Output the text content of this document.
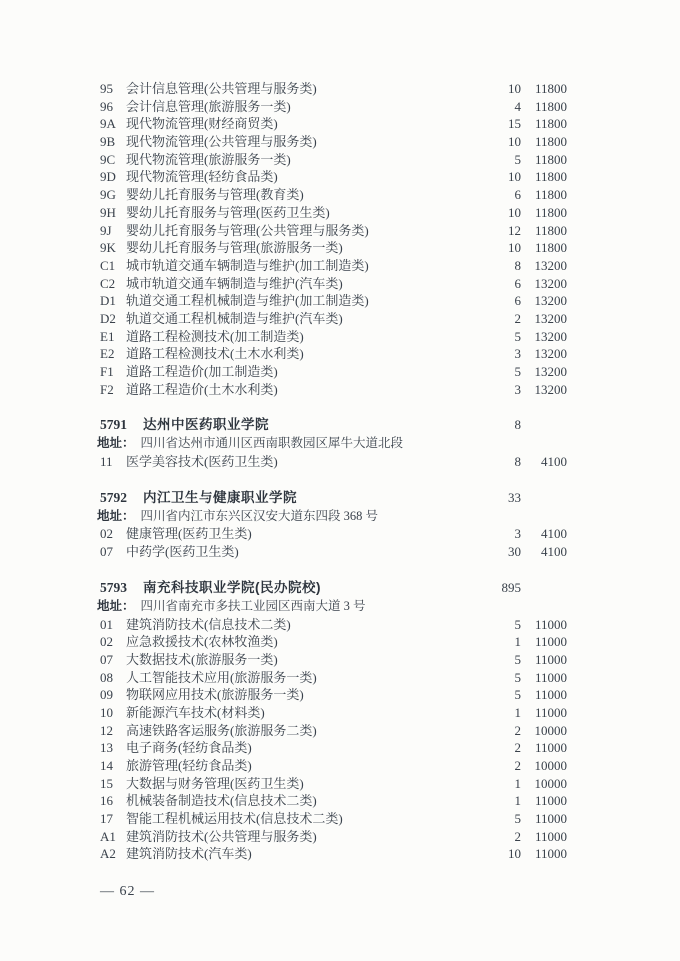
95	会计信息管理(公共管理与服务类)	10	11800
96	会计信息管理(旅游服务一类)	4	11800
9A 现代物流管理(财经商贸类)	15	11800
9B 现代物流管理(公共管理与服务类)	10	11800
9C 现代物流管理(旅游服务一类)	5	11800
9D 现代物流管理(轻纺食品类)	10	11800
9G 婴幼儿托育服务与管理(教育类)	6	11800
9H 婴幼儿托育服务与管理(医药卫生类)	10	11800
9J	婴幼儿托育服务与管理(公共管理与服务类)	12	11800
9K 婴幼儿托育服务与管理(旅游服务一类)	10	11800
C1 城市轨道交通车辆制造与维护(加工制造类)	8	13200
C2 城市轨道交通车辆制造与维护(汽车类)	6	13200
D1 轨道交通工程机械制造与维护(加工制造类)	6	13200
D2 轨道交通工程机械制造与维护(汽车类)	2	13200
E1 道路工程检测技术(加工制造类)	5	13200
E2 道路工程检测技术(土木水利类)	3	13200
F1 道路工程造价(加工制造类)	5	13200
F2 道路工程造价(土木水利类)	3	13200
5791	达州中医药职业学院	8
地址： 四川省达州市通川区西南职教园区犀牛大道北段
11	医学美容技术(医药卫生类)	8	4100
5792	内江卫生与健康职业学院	33
地址： 四川省内江市东兴区汉安大道东四段 368 号
02	健康管理(医药卫生类)	3	4100
07	中药学(医药卫生类)	30	4100
5793	南充科技职业学院(民办院校)	895
地址： 四川省南充市多扶工业园区西南大道 3 号
01	建筑消防技术(信息技术二类)	5	11000
02	应急救援技术(农林牧渔类)	1	11000
07	大数据技术(旅游服务一类)	5	11000
08	人工智能技术应用(旅游服务一类)	5	11000
09	物联网应用技术(旅游服务一类)	5	11000
10	新能源汽车技术(材料类)	1	11000
12	高速铁路客运服务(旅游服务二类)	2	10000
13	电子商务(轻纺食品类)	2	11000
14	旅游管理(轻纺食品类)	2	10000
15	大数据与财务管理(医药卫生类)	1	10000
16	机械装备制造技术(信息技术二类)	1	11000
17	智能工程机械运用技术(信息技术二类)	5	11000
A1 建筑消防技术(公共管理与服务类)	2	11000
A2 建筑消防技术(汽车类)	10	11000
— 62 —
